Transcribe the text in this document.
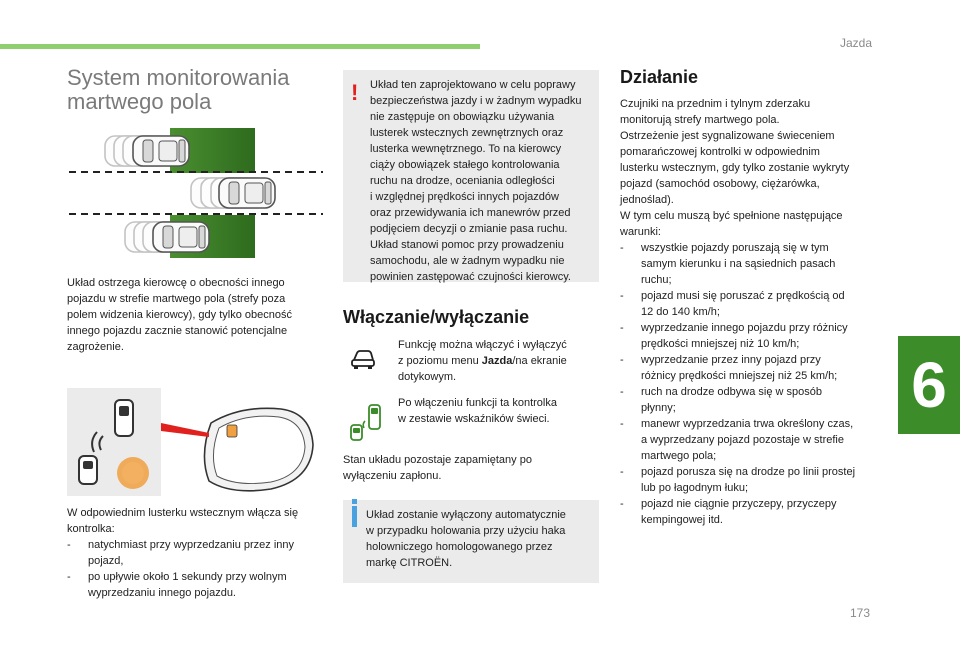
Jazda
6
173
System monitorowania
martwego pola
Układ ostrzega kierowcę o obecności innego
pojazdu w strefie martwego pola (strefy poza
polem widzenia kierowcy), gdy tylko obecność
innego pojazdu zacznie stanowić potencjalne
zagrożenie.
W odpowiednim lusterku wstecznym włącza się
kontrolka:
- natychmiast przy wyprzedzaniu przez inny
pojazd,
- po upływie około 1 sekundy przy wolnym
wyprzedzaniu innego pojazdu.
! Układ ten zaprojektowano w celu poprawy
bezpieczeństwa jazdy i w żadnym wypadku
nie zastępuje on obowiązku używania
lusterek wstecznych zewnętrznych oraz
lusterka wewnętrznego. To na kierowcy
ciąży obowiązek stałego kontrolowania
ruchu na drodze, oceniania odległości
i względnej prędkości innych pojazdów
oraz przewidywania ich manewrów przed
podjęciem decyzji o zmianie pasa ruchu.
Układ stanowi pomoc przy prowadzeniu
samochodu, ale w żadnym wypadku nie
powinien zastępować czujności kierowcy.
Włączanie/wyłączanie
Funkcję można włączyć i wyłączyć
z poziomu menu Jazda/na ekranie
dotykowym.
Po włączeniu funkcji ta kontrolka
w zestawie wskaźników świeci.
Stan układu pozostaje zapamiętany po
wyłączeniu zapłonu.
Układ zostanie wyłączony automatycznie
w przypadku holowania przy użyciu haka
holowniczego homologowanego przez
markę CITROËN.
Działanie
Czujniki na przednim i tylnym zderzaku
monitorują strefy martwego pola.
Ostrzeżenie jest sygnalizowane świeceniem
pomarańczowej kontrolki w odpowiednim
lusterku wstecznym, gdy tylko zostanie wykryty
pojazd (samochód osobowy, ciężarówka,
jednoślad).
W tym celu muszą być spełnione następujące
warunki:
- wszystkie pojazdy poruszają się w tym
samym kierunku i na sąsiednich pasach
ruchu;
- pojazd musi się poruszać z prędkością od
12 do 140 km/h;
- wyprzedzanie innego pojazdu przy różnicy
prędkości mniejszej niż 10 km/h;
- wyprzedzanie przez inny pojazd przy
różnicy prędkości mniejszej niż 25 km/h;
- ruch na drodze odbywa się w sposób
płynny;
- manewr wyprzedzania trwa określony czas,
a wyprzedzany pojazd pozostaje w strefie
martwego pola;
- pojazd porusza się na drodze po linii prostej
lub po łagodnym łuku;
- pojazd nie ciągnie przyczepy, przyczepy
kempingowej itd.
